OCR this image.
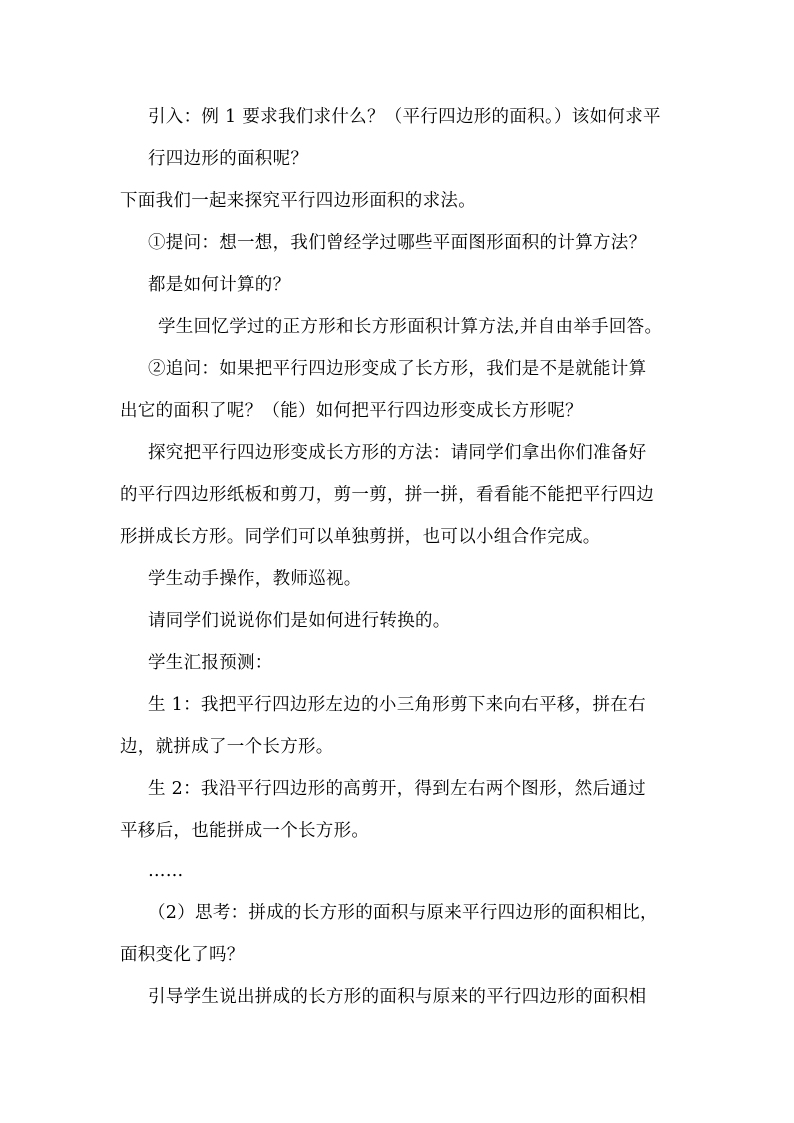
引入：例 1 要求我们求什么？（平行四边形的面积。）该如何求平
行四边形的面积呢？
下面我们一起来探究平行四边形面积的求法。
①提问：想一想，我们曾经学过哪些平面图形面积的计算方法？
都是如何计算的？
学生回忆学过的正方形和长方形面积计算方法,并自由举手回答。
②追问：如果把平行四边形变成了长方形，我们是不是就能计算
出它的面积了呢？（能）如何把平行四边形变成长方形呢？
探究把平行四边形变成长方形的方法：请同学们拿出你们准备好
的平行四边形纸板和剪刀，剪一剪，拼一拼，看看能不能把平行四边
形拼成长方形。同学们可以单独剪拼，也可以小组合作完成。
学生动手操作，教师巡视。
请同学们说说你们是如何进行转换的。
学生汇报预测：
生 1：我把平行四边形左边的小三角形剪下来向右平移，拼在右
边，就拼成了一个长方形。
生 2：我沿平行四边形的高剪开，得到左右两个图形，然后通过
平移后，也能拼成一个长方形。
……
（2）思考：拼成的长方形的面积与原来平行四边形的面积相比，
面积变化了吗？
引导学生说出拼成的长方形的面积与原来的平行四边形的面积相
